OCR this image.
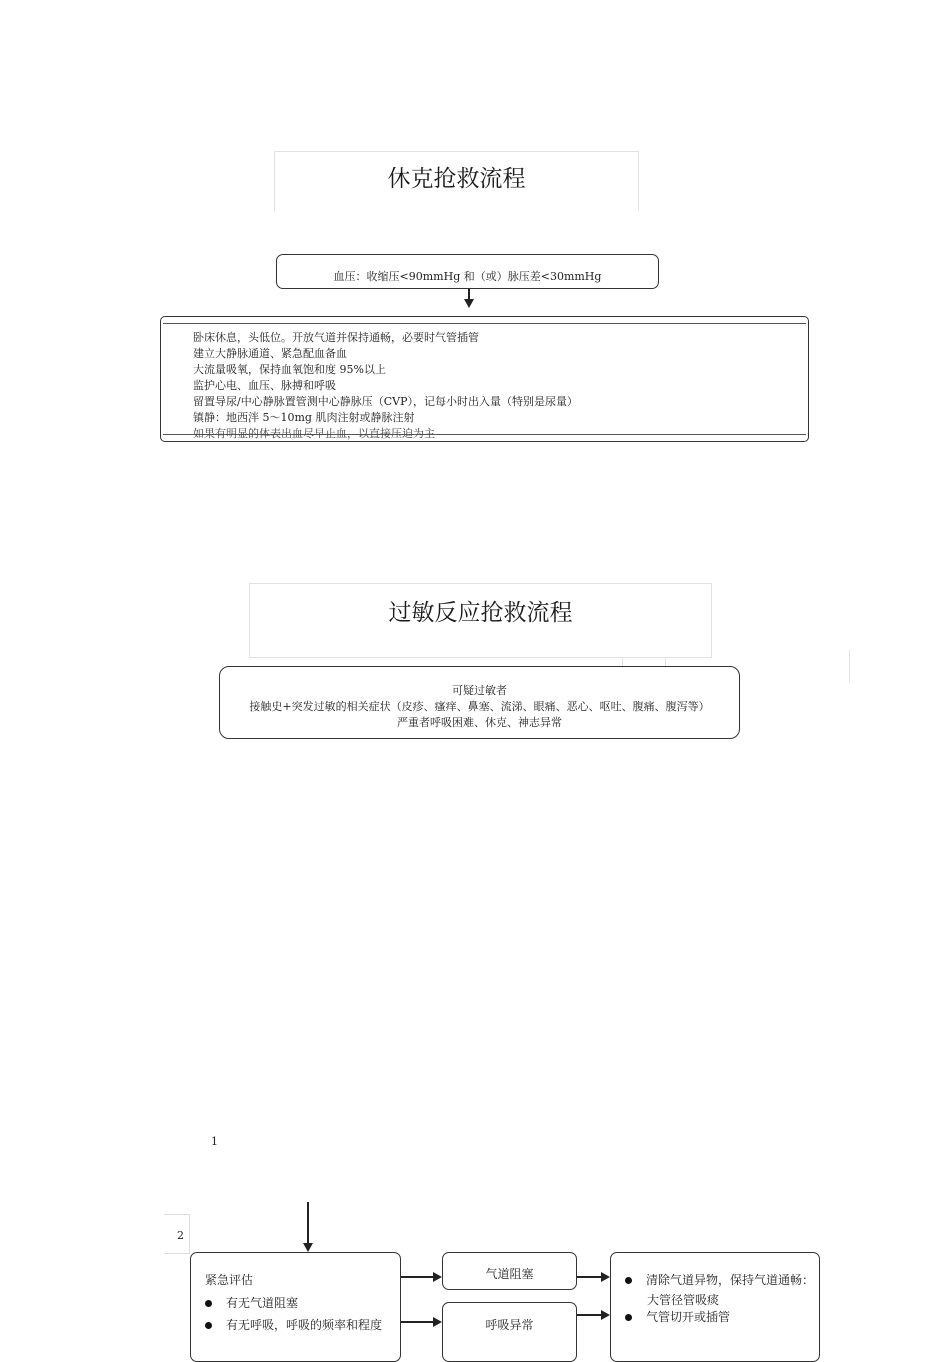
休克抢救流程
血压：收缩压<90mmHg 和（或）脉压差<30mmHg
卧床休息，头低位。开放气道并保持通畅，必要时气管插管
建立大静脉通道、紧急配血备血
大流量吸氧，保持血氧饱和度 95%以上
监护心电、血压、脉搏和呼吸
留置导尿/中心静脉置管测中心静脉压（CVP），记每小时出入量（特别是尿量）
镇静：地西泮 5～10mg 肌肉注射或静脉注射
如果有明显的体表出血尽早止血，以直接压迫为主
过敏反应抢救流程
可疑过敏者
接触史+突发过敏的相关症状（皮疹、瘙痒、鼻塞、流涕、眼痛、恶心、呕吐、腹痛、腹泻等）
严重者呼吸困难、休克、神志异常
1
2
紧急评估
有无气道阻塞
有无呼吸，呼吸的频率和程度
气道阻塞
呼吸异常
清除气道异物，保持气道通畅：
大管径管吸痰
气管切开或插管
